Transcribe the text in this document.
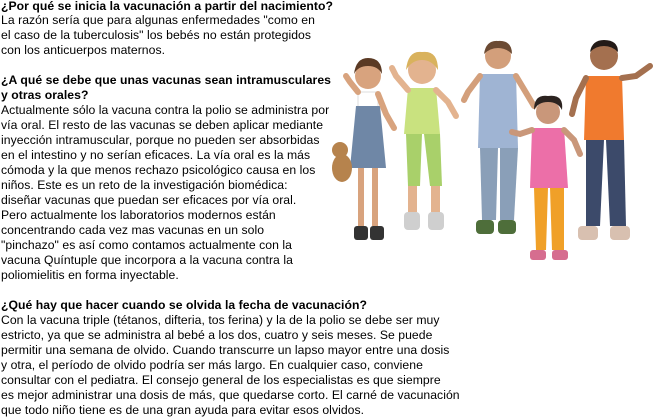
¿Por qué se inicia la vacunación a partir del nacimiento?
La razón sería que para algunas enfermedades "como en
el caso de la tuberculosis" los bebés no están protegidos
con los anticuerpos maternos.
¿A qué se debe que unas vacunas sean intramusculares
y otras orales?
Actualmente sólo la vacuna contra la polio se administra por
vía oral. El resto de las vacunas se deben aplicar mediante
inyección intramuscular, porque no pueden ser absorbidas
en el intestino y no serían eficaces. La vía oral es la más
cómoda y la que menos rechazo psicológico causa en los
niños. Este es un reto de la investigación biomédica:
diseñar vacunas que puedan ser eficaces por vía oral.
Pero actualmente los laboratorios modernos están
concentrando cada vez mas vacunas en un solo
"pinchazo" es así como contamos actualmente con la
vacuna Quíntuple que incorpora a la vacuna contra la
poliomielitis en forma inyectable.
¿Qué hay que hacer cuando se olvida la fecha de vacunación?
Con la vacuna triple (tétanos, difteria, tos ferina) y la de la polio se debe ser muy
estricto, ya que se administra al bebé a los dos, cuatro y seis meses. Se puede
permitir una semana de olvido. Cuando transcurre un lapso mayor entre una dosis
y otra, el período de olvido podría ser más largo. En cualquier caso, conviene
consultar con el pediatra. El consejo general de los especialistas es que siempre
es mejor administrar una dosis de más, que quedarse corto. El carné de vacunación
que todo niño tiene es de una gran ayuda para evitar esos olvidos.
